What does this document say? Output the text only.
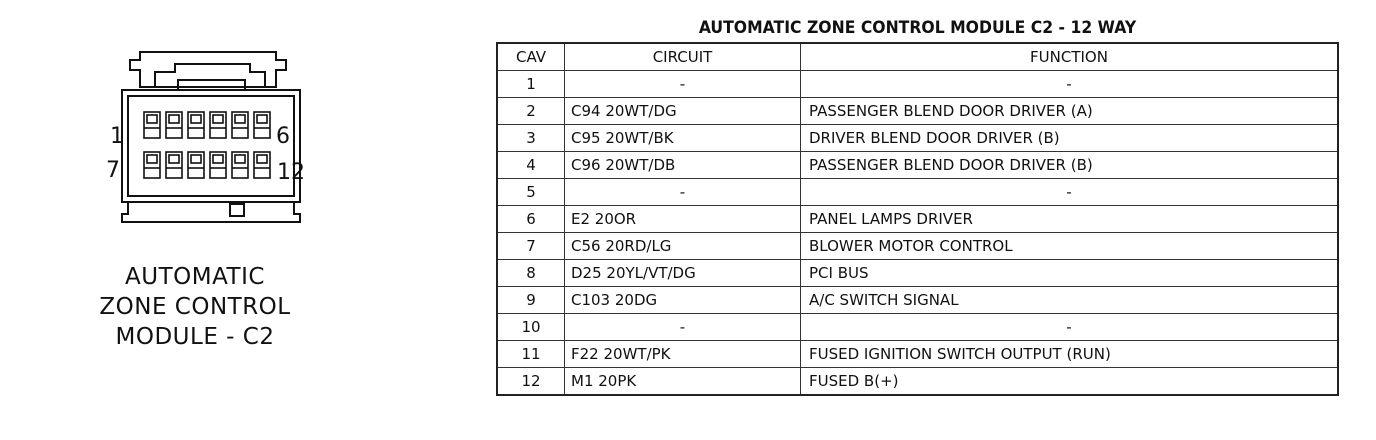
1	6
7	12
AUTOMATIC
ZONE CONTROL
MODULE - C2
AUTOMATIC ZONE CONTROL MODULE C2 - 12 WAY
CAV	CIRCUIT	FUNCTION
1	-	-
2	C94 20WT/DG	PASSENGER BLEND DOOR DRIVER (A)
3	C95 20WT/BK	DRIVER BLEND DOOR DRIVER (B)
4	C96 20WT/DB	PASSENGER BLEND DOOR DRIVER (B)
5	-	-
6	E2 20OR	PANEL LAMPS DRIVER
7	C56 20RD/LG	BLOWER MOTOR CONTROL
8	D25 20YL/VT/DG	PCI BUS
9	C103 20DG	A/C SWITCH SIGNAL
10	-	-
11	F22 20WT/PK	FUSED IGNITION SWITCH OUTPUT (RUN)
12	M1 20PK	FUSED B(+)
